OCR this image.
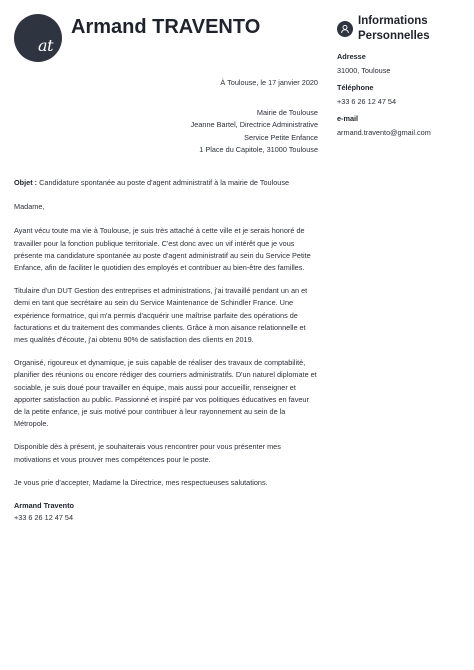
at
Armand TRAVENTO	Informations
Personnelles
Adresse
31000, Toulouse
Téléphone
+33 6 26 12 47 54
e-mail
armand.travento@gmail.com

À Toulouse, le 17 janvier 2020

Mairie de Toulouse

Jeanne Bartel, Directrice Administrative

Service Petite Enfance

1 Place du Capitole, 31000 Toulouse

Objet : Candidature spontanée au poste d'agent administratif à la mairie de Toulouse

Madame,

Ayant vécu toute ma vie à Toulouse, je suis très attaché à cette ville et je serais honoré de travailler pour la fonction publique territoriale. C'est donc avec un vif intérêt que je vous présente ma candidature spontanée au poste d'agent administratif au sein du Service Petite Enfance, afin de faciliter le quotidien des employés et contribuer au bien-être des familles.

Titulaire d'un DUT Gestion des entreprises et administrations, j'ai travaillé pendant un an et demi en tant que secrétaire au sein du Service Maintenance de Schindler France. Une expérience formatrice, qui m'a permis d'acquérir une maîtrise parfaite des opérations de facturations et du traitement des commandes clients. Grâce à mon aisance relationnelle et mes qualités d'écoute, j'ai obtenu 90% de satisfaction des clients en 2019.

Organisé, rigoureux et dynamique, je suis capable de réaliser des travaux de comptabilité, planifier des réunions ou encore rédiger des courriers administratifs. D'un naturel diplomate et sociable, je suis doué pour travailler en équipe, mais aussi pour accueillir, renseigner et apporter satisfaction au public. Passionné et inspiré par vos politiques éducatives en faveur de la petite enfance, je suis motivé pour contribuer à leur rayonnement au sein de la Métropole.

Disponible dès à présent, je souhaiterais vous rencontrer pour vous présenter mes motivations et vous prouver mes compétences pour le poste.

Je vous prie d'accepter, Madame la Directrice, mes respectueuses salutations.

Armand Travento

+33 6 26 12 47 54
